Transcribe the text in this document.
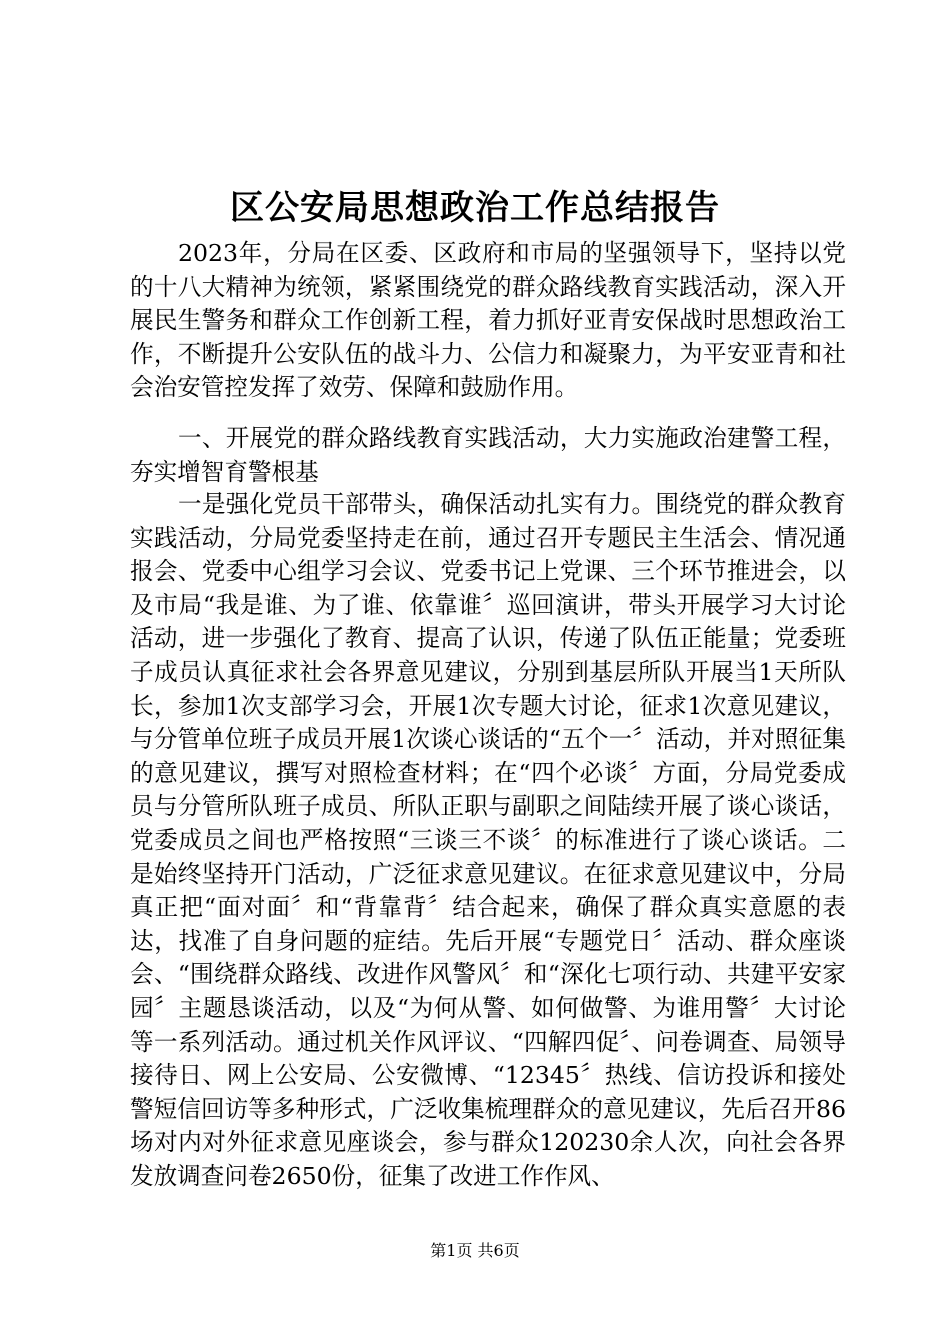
区公安局思想政治工作总结报告

2023年，分局在区委、区政府和市局的坚强领导下，坚持以党的十八大精神为统领，紧紧围绕党的群众路线教育实践活动，深入开展民生警务和群众工作创新工程，着力抓好亚青安保战时思想政治工作，不断提升公安队伍的战斗力、公信力和凝聚力，为平安亚青和社会治安管控发挥了效劳、保障和鼓励作用。

一、开展党的群众路线教育实践活动，大力实施政治建警工程，夯实增智育警根基

一是强化党员干部带头，确保活动扎实有力。围绕党的群众教育实践活动，分局党委坚持走在前，通过召开专题民主生活会、情况通报会、党委中心组学习会议、党委书记上党课、三个环节推进会，以及市局“我是谁、为了谁、依靠谁〞巡回演讲，带头开展学习大讨论活动，进一步强化了教育、提高了认识，传递了队伍正能量；党委班子成员认真征求社会各界意见建议，分别到基层所队开展当1天所队长，参加1次支部学习会，开展1次专题大讨论，征求1次意见建议，与分管单位班子成员开展1次谈心谈话的“五个一〞活动，并对照征集的意见建议，撰写对照检查材料；在“四个必谈〞方面，分局党委成员与分管所队班子成员、所队正职与副职之间陆续开展了谈心谈话，党委成员之间也严格按照“三谈三不谈〞的标准进行了谈心谈话。二是始终坚持开门活动，广泛征求意见建议。在征求意见建议中，分局真正把“面对面〞和“背靠背〞结合起来，确保了群众真实意愿的表达，找准了自身问题的症结。先后开展“专题党日〞活动、群众座谈会、“围绕群众路线、改进作风警风〞和“深化七项行动、共建平安家园〞主题恳谈活动，以及“为何从警、如何做警、为谁用警〞大讨论等一系列活动。通过机关作风评议、“四解四促〞、问卷调查、局领导接待日、网上公安局、公安微博、“12345〞热线、信访投诉和接处警短信回访等多种形式，广泛收集梳理群众的意见建议，先后召开86场对内对外征求意见座谈会，参与群众120230余人次，向社会各界发放调查问卷2650份，征集了改进工作作风、

第1页 共6页
